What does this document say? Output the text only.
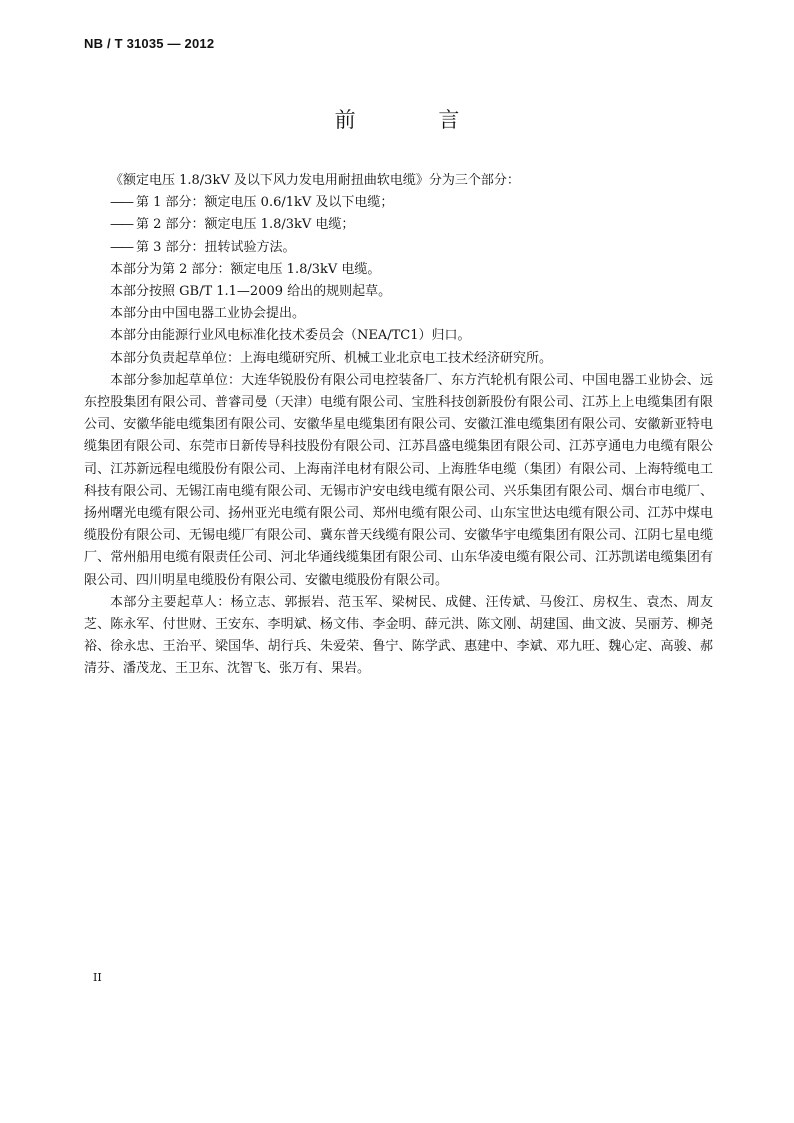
NB / T 31035 — 2012
前 言

《额定电压 1.8/3kV 及以下风力发电用耐扭曲软电缆》分为三个部分：

—— 第 1 部分：额定电压 0.6/1kV 及以下电缆；

—— 第 2 部分：额定电压 1.8/3kV 电缆；

—— 第 3 部分：扭转试验方法。

本部分为第 2 部分：额定电压 1.8/3kV 电缆。

本部分按照 GB/T 1.1—2009 给出的规则起草。

本部分由中国电器工业协会提出。

本部分由能源行业风电标准化技术委员会（NEA/TC1）归口。

本部分负责起草单位：上海电缆研究所、机械工业北京电工技术经济研究所。

本部分参加起草单位：大连华锐股份有限公司电控装备厂、东方汽轮机有限公司、中国电器工业协会、远东控股集团有限公司、普睿司曼（天津）电缆有限公司、宝胜科技创新股份有限公司、江苏上上电缆集团有限公司、安徽华能电缆集团有限公司、安徽华星电缆集团有限公司、安徽江淮电缆集团有限公司、安徽新亚特电缆集团有限公司、东莞市日新传导科技股份有限公司、江苏昌盛电缆集团有限公司、江苏亨通电力电缆有限公司、江苏新远程电缆股份有限公司、上海南洋电材有限公司、上海胜华电缆（集团）有限公司、上海特缆电工科技有限公司、无锡江南电缆有限公司、无锡市沪安电线电缆有限公司、兴乐集团有限公司、烟台市电缆厂、扬州曙光电缆有限公司、扬州亚光电缆有限公司、郑州电缆有限公司、山东宝世达电缆有限公司、江苏中煤电缆股份有限公司、无锡电缆厂有限公司、冀东普天线缆有限公司、安徽华宇电缆集团有限公司、江阴七星电缆厂、常州船用电缆有限责任公司、河北华通线缆集团有限公司、山东华凌电缆有限公司、江苏凯诺电缆集团有限公司、四川明星电缆股份有限公司、安徽电缆股份有限公司。

本部分主要起草人：杨立志、郭振岩、范玉军、梁树民、成健、汪传斌、马俊江、房权生、袁杰、周友芝、陈永军、付世财、王安东、李明斌、杨文伟、李金明、薛元洪、陈文刚、胡建国、曲文波、吴丽芳、柳尧裕、徐永忠、王治平、梁国华、胡行兵、朱爱荣、鲁宁、陈学武、惠建中、李斌、邓九旺、魏心定、高骏、郝清芬、潘茂龙、王卫东、沈智飞、张万有、果岩。

II
